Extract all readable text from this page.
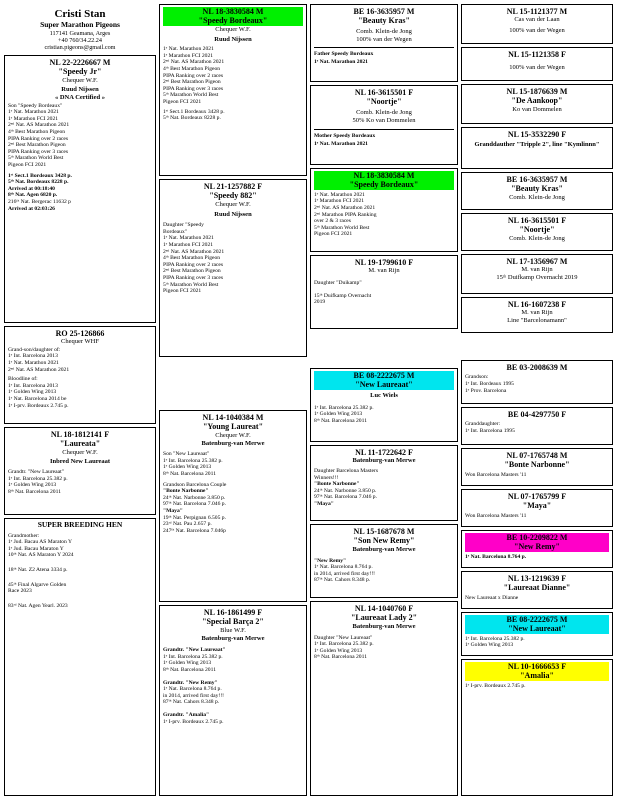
Cristi Stan
Super Marathon Pigeons
117141 Geamana, Arges
+40 760/34.22.24
cristian.pigeons@gmail.com
NL 22-2226667 M
"Speedy Jr"
Chequer W.F.
Ruud Nijssen
« DNA Certified »
Son "Speedy Bordeaux"
1ᵉ Nat. Marathon 2021
1ᵉ Marathon FCI 2021
2ⁿᵈ Nat. AS Marathon 2021
4ᵗʰ Best Marathon Pigeon
PIPA Ranking over 2 races
2ⁿᵈ Best Marathon Pigeon
PIPA Ranking over 3 races
5ᵗʰ Marathon World Best
Pigeon FCI 2021
1ˢᵗ Sect.1 Bordeaux 3428 p.
5ᵗʰ Nat. Bordeaux 8228 p.
Arrived at 00:18:40
8ᵗʰ Nat. Agen 6820 p.
216ᵗʰ Nat. Bergerac 11632 p
Arrived at 02:03:26
RO 25-126866
Chequer WHF
Grand-son/daughter of:
1ᵉ Int. Barcelona 2013
1ᵉ Nat. Marathon 2021
2ⁿᵈ Nat. AS Marathon 2021
Bloodline of:
1ᵉ Int. Barcelona 2013
1ᵉ Golden Wing 2013
1ᵉ Nat. Barcelona 2014 be
1ᵉ I-prv. Bordeaux 2.745 p.
NL 18-1812141 F
"Laureata"
Chequer W.F.
Inbred New Laureaat
Grandtr. "New Laureaat"
1ᵉ Int. Barcelona 25.382 p.
1ᵉ Golden Wing 2013
8ᵗʰ Nat. Barcelona 2011
SUPER BREEDING HEN
Grandmother:
1ᵉ Jud. Bacau AS Maraton Y
1ᵉ Jud. Bacau Maraton Y
10ᵗʰ Nat. AS Maraton Y 2024
18ᵗʰ Nat. Z2 Atena 3334 p.
45ᵗʰ Final Algarve Golden
Race 2023
83ʳᵈ Nat. Agen Yearl. 2023
NL 18-3830584 M
"Speedy Bordeaux"
Chequer W.F.
Ruud Nijssen
1ᵉ Nat. Marathon 2021
1ᵉ Marathon FCI 2021
2ⁿᵈ Nat. AS Marathon 2021
4ᵗʰ Best Marathon Pigeon
PIPA Ranking over 2 races
2ⁿᵈ Best Marathon Pigeon
PIPA Ranking over 3 races
5ᵗʰ Marathon World Best
Pigeon FCI 2021
1ˢᵗ Sect.1 Bordeaux 3428 p.
5ᵗʰ Nat. Bordeaux 8228 p.
NL 21-1257882 F
"Speedy 882"
Chequer W.F.
Ruud Nijssen
Daughter "Speedy
Bordeaux"
1ᵉ Nat. Marathon 2021
1ᵉ Marathon FCI 2021
2ⁿᵈ Nat. AS Marathon 2021
4ᵗʰ Best Marathon Pigeon
PIPA Ranking over 2 races
2ⁿᵈ Best Marathon Pigeon
PIPA Ranking over 3 races
5ᵗʰ Marathon World Best
Pigeon FCI 2021
NL 14-1040384 M
"Young Laureat"
Chequer W.F.
Batenburg-van Merwe
Son "New Laureaat"
1ᵉ Int. Barcelona 25.382 p.
1ᵉ Golden Wing 2013
8ᵗʰ Nat. Barcelona 2011
Grandson Barcelona Couple
"Bonte Narbonne"
24ᵗʰ Nat. Narbonne 3.850 p.
97ᵗʰ Nat. Barcelona 7.046 p.
"Maya"
19ᵗʰ Nat. Perpignan 6.505 p.
23ʳᵈ Nat. Pau 2.657 p.
247ᵗʰ Nat. Barcelona 7.046p
NL 16-1861499 F
"Special Barça 2"
Blue W.F.
Batenburg-van Merwe
Grandtr. "New Laureaat"
1ᵉ Int. Barcelona 25.382 p.
1ᵉ Golden Wing 2013
8ᵗʰ Nat. Barcelona 2011
Grandtr. "New Remy"
1ᵉ Nat. Barcelona 8.764 p.
in 2014, arrived first day!!!
87ᵗʰ Nat. Cahors 8.348 p.
Grandtr. "Amalia"
1ᵉ I-prv. Bordeaux 2.745 p.
BE 16-3635957 M
"Beauty Kras"
Comb. Klein-de Jong
100% van der Wegen
Father Speedy Bordeaux
1ᵉ Nat. Marathon 2021
NL 16-3615501 F
"Noortje"
Comb. Klein-de Jong
50% Ko van Dommelen
Mother Speedy Bordeaux
1ᵉ Nat. Marathon 2021
NL 18-3830584 M
"Speedy Bordeaux"
1ᵉ Nat. Marathon 2021
1ᵉ Marathon FCI 2021
2ⁿᵈ Nat. AS Marathon 2021
2ⁿᵈ Marathon PIPA Ranking
over 2 & 3 races
5ᵗʰ Marathon World Best
Pigeon FCI 2021
NL 19-1799610 F
M. van Rijn
Daughter "Duikamp"
15ᵗʰ Duifkamp Overnacht
2019
BE 08-2222675 M
"New Laureaat"
Luc Wiels
1ᵉ Int. Barcelona 25.382 p.
1ᵉ Golden Wing 2013
8ᵗʰ Nat. Barcelona 2011
NL 11-1722642 F
Batenburg-van Merwe
Daughter Barcelona Masters
Winners!!!
"Bonte Narbonne"
24ᵗʰ Nat. Narbonne 3.850 p.
97ᵗʰ Nat. Barcelona 7.046 p.
"Maya"
NL 15-1687678 M
"Son New Remy"
Batenburg-van Merwe
"New Remy"
1ᵉ Nat. Barcelona 8.764 p.
in 2014, arrived first day!!!
87ᵗʰ Nat. Cahors 8.348 p.
NL 14-1040760 F
"Laureaat Lady 2"
Batenburg-van Merwe
Daughter "New Laureaat"
1ᵉ Int. Barcelona 25.382 p.
1ᵉ Golden Wing 2013
8ᵗʰ Nat. Barcelona 2011
NL 15-1121377 M
Cas van der Laan
100% van der Wegen
NL 15-1121358 F
100% van der Wegen
NL 15-1876639 M
"De Aankoop"
Ko van Dommelen
NL 15-3532290 F
Granddauther "Tripple 2", line "Kymlinnn"
BE 16-3635957 M
"Beauty Kras"
Comb. Klein-de Jong
NL 16-3615501 F
"Noortje"
Comb. Klein-de Jong
NL 17-1356967 M
M. van Rijn
15ᵗʰ Duifkamp Overnacht 2019
NL 16-1607238 F
M. van Rijn
Line "Barcelonamann"
BE 03-2008639 M
Grandson:
1ᵉ Int. Bordeaux 1995
1ᵉ Prov. Barcelona
BE 04-4297750 F
Granddaughter:
1ᵉ Int. Barcelona 1995
NL 07-1765748 M
"Bonte Narbonne"
Won Barcelona Masters '11
NL 07-1765799 F
"Maya"
Won Barcelona Masters '11
BE 10-2209822 M
"New Remy"
1ᵉ Nat. Barcelona 8.764 p.
NL 13-1219639 F
"Laureaat Dianne"
New Laureaat x Dianne
BE 08-2222675 M
"New Laureaat"
1ᵉ Int. Barcelona 25.382 p.
1ᵉ Golden Wing 2013
NL 10-1666653 F
"Amalia"
1ᵉ I-prv. Bordeaux 2.745 p.
